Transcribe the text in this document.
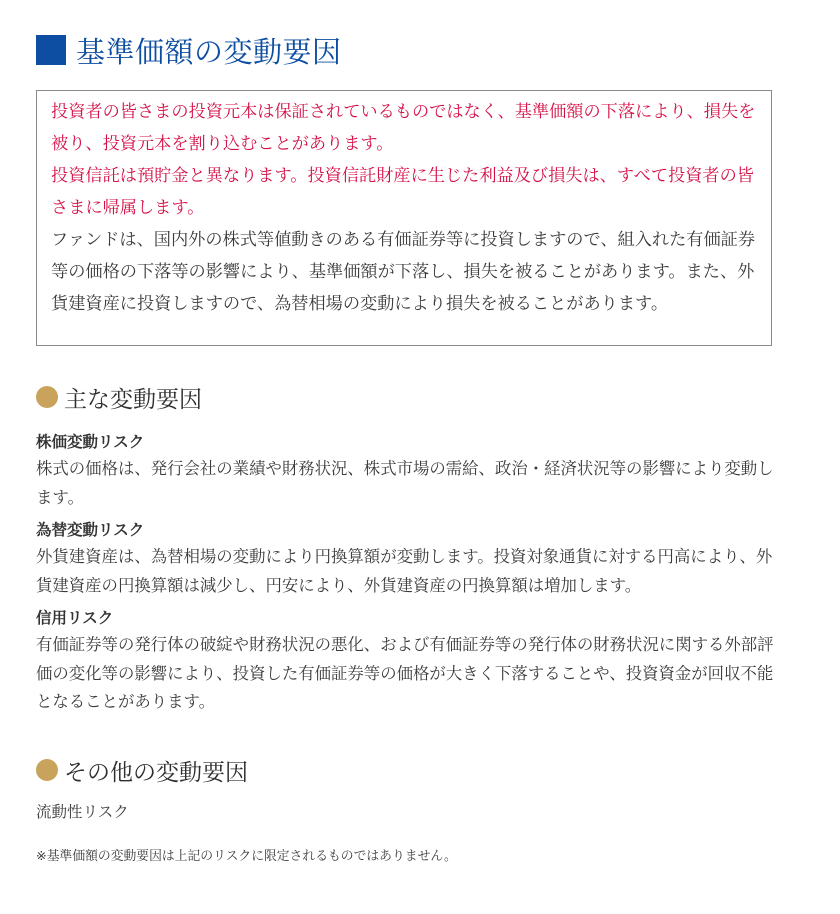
基準価額の変動要因

投資者の皆さまの投資元本は保証されているものではなく、基準価額の下落により、損失を被り、投資元本を割り込むことがあります。

投資信託は預貯金と異なります。投資信託財産に生じた利益及び損失は、すべて投資者の皆さまに帰属します。

ファンドは、国内外の株式等値動きのある有価証券等に投資しますので、組入れた有価証券等の価格の下落等の影響により、基準価額が下落し、損失を被ることがあります。また、外貨建資産に投資しますので、為替相場の変動により損失を被ることがあります。

主な変動要因
株価変動リスク

株式の価格は、発行会社の業績や財務状況、株式市場の需給、政治・経済状況等の影響により変動します。

為替変動リスク

外貨建資産は、為替相場の変動により円換算額が変動します。投資対象通貨に対する円高により、外貨建資産の円換算額は減少し、円安により、外貨建資産の円換算額は増加します。

信用リスク

有価証券等の発行体の破綻や財務状況の悪化、および有価証券等の発行体の財務状況に関する外部評価の変化等の影響により、投資した有価証券等の価格が大きく下落することや、投資資金が回収不能となることがあります。

その他の変動要因
流動性リスク
※基準価額の変動要因は上記のリスクに限定されるものではありません。
